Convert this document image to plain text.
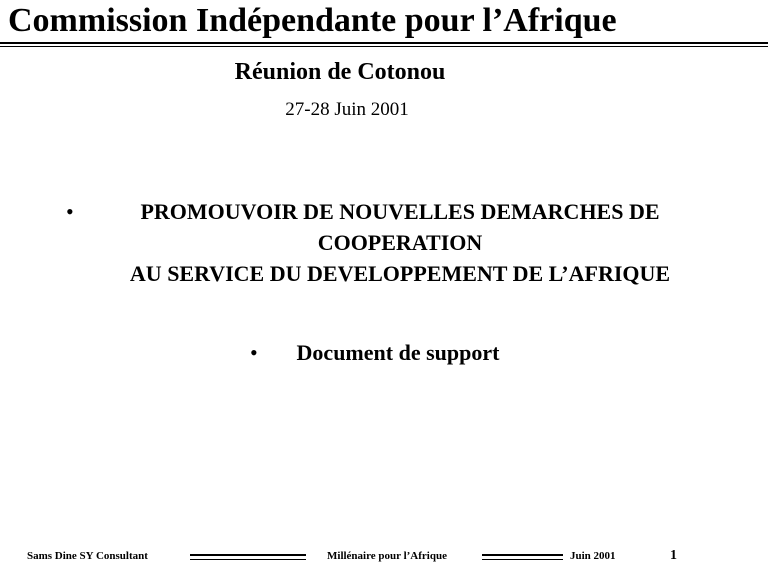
Commission Indépendante pour l’Afrique
Réunion de Cotonou
27-28 Juin 2001
•	PROMOUVOIR DE NOUVELLES DEMARCHES DE COOPERATION
AU SERVICE DU DEVELOPPEMENT DE L’AFRIQUE
•	Document de support
Sams Dine SY Consultant	Millénaire pour l’Afrique	Juin 2001	1
